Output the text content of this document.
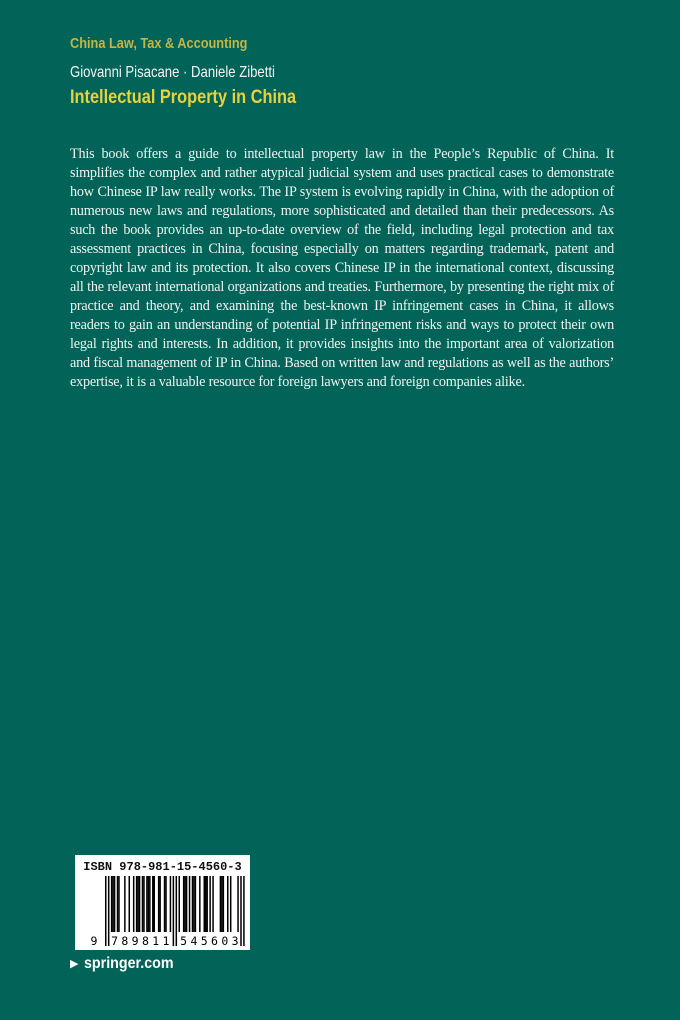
China Law, Tax & Accounting
Giovanni Pisacane · Daniele Zibetti
Intellectual Property in China

This book offers a guide to intellectual property law in the People’s Republic of China. It simplifies the complex and rather atypical judicial system and uses practical cases to demonstrate how Chinese IP law really works. The IP system is evolving rapidly in China, with the adoption of numerous new laws and regulations, more sophisticated and detailed than their predecessors. As such the book provides an up-to-date overview of the field, including legal protection and tax assessment practices in China, focusing especially on matters regarding trademark, patent and copyright law and its protection. It also covers Chinese IP in the international context, discussing all the relevant international organizations and treaties. Furthermore, by presenting the right mix of practice and theory, and examining the best-known IP infringement cases in China, it allows readers to gain an understanding of potential IP infringement risks and ways to protect their own legal rights and interests. In addition, it provides insights into the important area of valorization and fiscal management of IP in China. Based on written law and regulations as well as the authors’ expertise, it is a valuable resource for foreign lawyers and foreign companies alike.

ISBN 978-981-15-4560-3
9 7 8 9 8 1 1 5 4 5 6 0 3
▶ springer.com
